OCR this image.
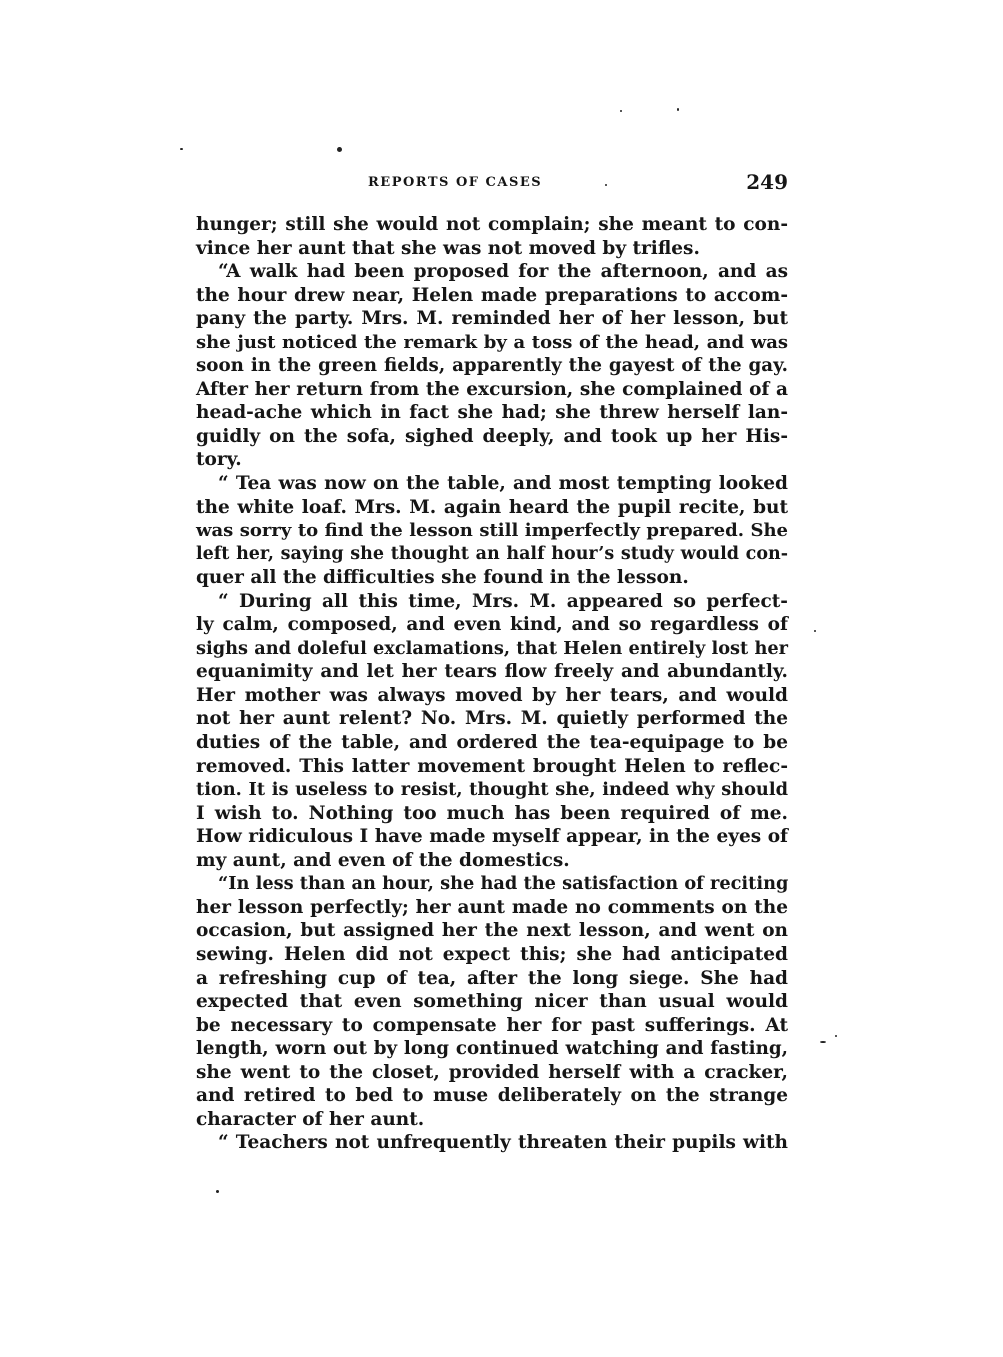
REPORTS OF CASES	249
hunger; still she would not complain; she meant to con-
vince her aunt that she was not moved by trifles.
“A walk had been proposed for the afternoon, and as
the hour drew near, Helen made preparations to accom-
pany the party. Mrs. M. reminded her of her lesson, but
she just noticed the remark by a toss of the head, and was
soon in the green fields, apparently the gayest of the gay.
After her return from the excursion, she complained of a
head-ache which in fact she had; she threw herself lan-
guidly on the sofa, sighed deeply, and took up her His-
tory.
“ Tea was now on the table, and most tempting looked
the white loaf. Mrs. M. again heard the pupil recite, but
was sorry to find the lesson still imperfectly prepared. She
left her, saying she thought an half hour’s study would con-
quer all the difficulties she found in the lesson.
“ During all this time, Mrs. M. appeared so perfect-
ly calm, composed, and even kind, and so regardless of
sighs and doleful exclamations, that Helen entirely lost her
equanimity and let her tears flow freely and abundantly.
Her mother was always moved by her tears, and would
not her aunt relent? No. Mrs. M. quietly performed the
duties of the table, and ordered the tea-equipage to be
removed. This latter movement brought Helen to reflec-
tion. It is useless to resist, thought she, indeed why should
I wish to. Nothing too much has been required of me.
How ridiculous I have made myself appear, in the eyes of
my aunt, and even of the domestics.
“In less than an hour, she had the satisfaction of reciting
her lesson perfectly; her aunt made no comments on the
occasion, but assigned her the next lesson, and went on
sewing. Helen did not expect this; she had anticipated
a refreshing cup of tea, after the long siege. She had
expected that even something nicer than usual would
be necessary to compensate her for past sufferings. At
length, worn out by long continued watching and fasting,
she went to the closet, provided herself with a cracker,
and retired to bed to muse deliberately on the strange
character of her aunt.
“ Teachers not unfrequently threaten their pupils with
